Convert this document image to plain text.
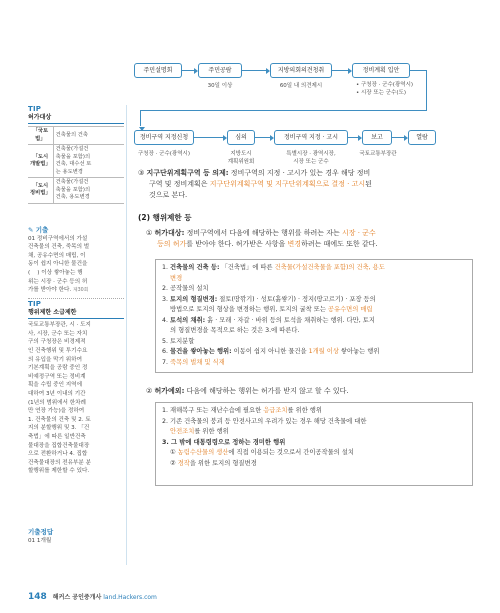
주민설명회	주민공람	지방의회의견청취	정비계획 입안
30일 이상	60일 내 의견제시	• 구청장 · 군수(광역시)
• 시장 또는 군수(도)
정비구역 지정신청	심의	정비구역 지정 · 고시	보고	열람
구청장 · 군수(광역시)	지방도시
계획위원회
특별시장 · 광역시장,
시장 또는 군수
국토교통부장관
TIP
허가대상
「국토법」	건축물의 건축
「도시
개발법」	건축물(가설건
축물을 포함)의
건축, 대수선 또
는 용도변경
「도시
정비법」	건축물(가설건
축물을 포함)의
건축, 용도변경
✎ 기출
01 정비구역에서의 가설
건축물의 건축, 죽목의 벌
채, 공유수면의 매립, 이
동이 쉽지 아니한 물건을
(    ) 이상 쌓아놓는 행
위는 시장 · 군수 등의 허
가를 받아야 한다. 제30회
TIP
행위제한 소급제한
국토교통부장관, 시 · 도지
사, 시장, 군수 또는 자치
구의 구청장은 비경제적
인 건축행위 및 투기수요
의 유입을 막기 위하여
기본계획을 공람 중인 정
비예정구역 또는 정비계
획을 수립 중인 지역에
대하여 3년 이내의 기간
(1년의 범위에서 한차례
만 연장 가능)을 정하여
1. 건축물의 건축 및 2. 토
지의 분할행위 및 3. 「건
축법」에 따른 일반건축
물대장을 집합건축물대장
으로 전환하거나 4. 집합
건축물대장의 전유부분 분
할행위를 제한할 수 있다.
기출정답
01 1개월
③ 지구단위계획구역 등 의제: 정비구역의 지정 · 고시가 있는 경우 해당 정비
구역 및 정비계획은 지구단위계획구역 및 지구단위계획으로 결정 · 고시된
것으로 본다.
(2) 행위제한 등
① 허가대상: 정비구역에서 다음에 해당하는 행위를 하려는 자는 시장 · 군수
등의 허가를 받아야 한다. 허가받은 사항을 변경하려는 때에도 또한 같다.
1. 건축물의 건축 등: 「건축법」에 따른 건축물(가설건축물을 포함)의 건축, 용도
변경
2. 공작물의 설치
3. 토지의 형질변경: 절토(땅깎기) · 성토(흙쌓기) · 정지(땅고르기) · 포장 등의
방법으로 토지의 형상을 변경하는 행위, 토지의 굴착 또는 공유수면의 매립
4. 토석의 채취: 흙 · 모래 · 자갈 · 바위 등의 토석을 채취하는 행위. 다만, 토지
의 형질변경을 목적으로 하는 것은 3.에 따른다.
5. 토지분할
6. 물건을 쌓아놓는 행위: 이동이 쉽지 아니한 물건을 1개월 이상 쌓아놓는 행위
7. 죽목의 벌채 및 식재
② 허가예외: 다음에 해당하는 행위는 허가를 받지 않고 할 수 있다.
1. 재해복구 또는 재난수습에 필요한 응급조치를 위한 행위
2. 기존 건축물의 붕괴 등 안전사고의 우려가 있는 경우 해당 건축물에 대한
안전조치를 위한 행위
3. 그 밖에 대통령령으로 정하는 경미한 행위
① 농림수산물의 생산에 직접 이용되는 것으로서 간이공작물의 설치
② 경작을 위한 토지의 형질변경
148 해커스 공인중개사 land.Hackers.com
